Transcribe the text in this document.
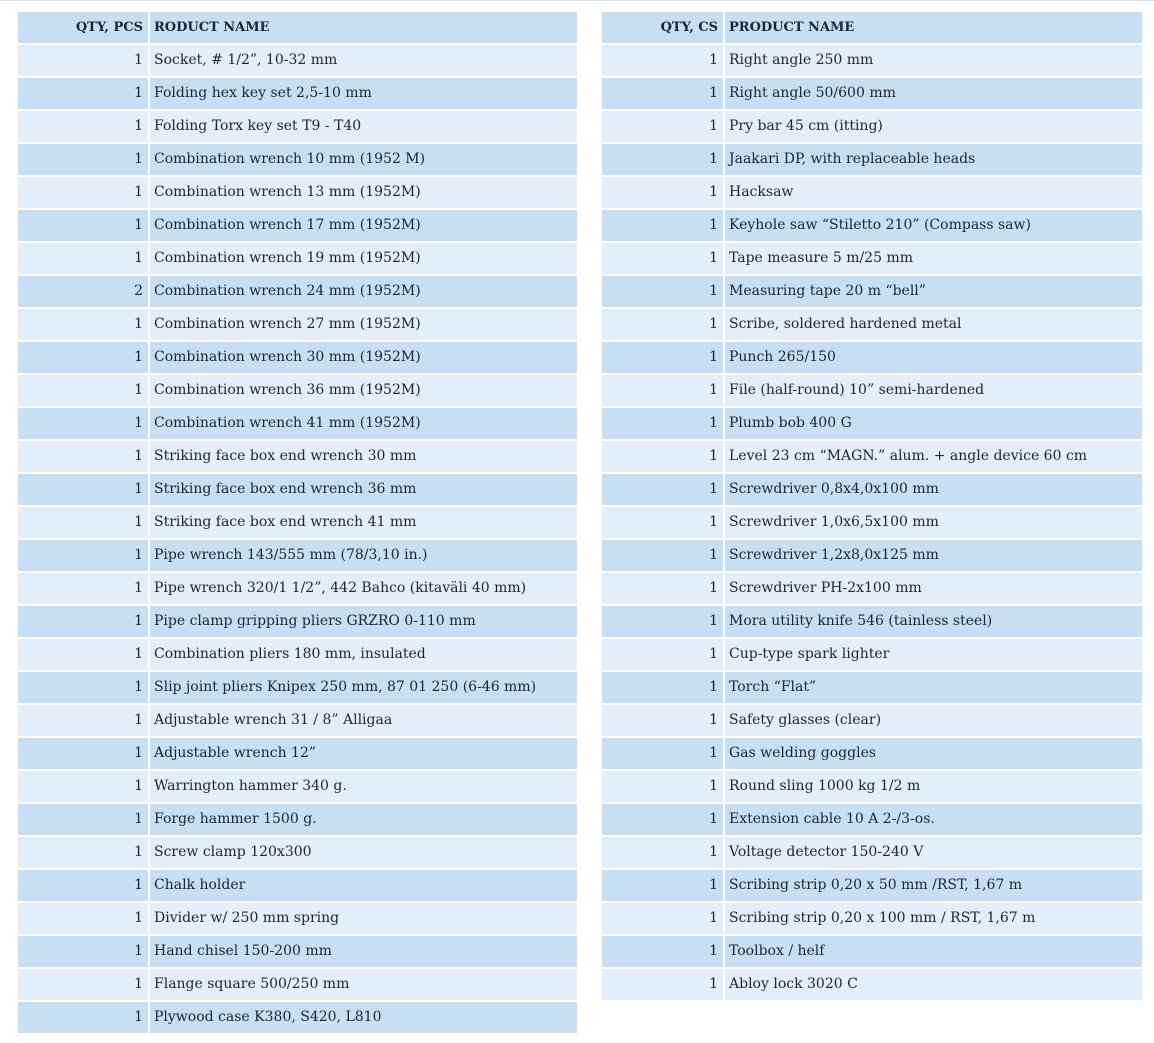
QTY, PCS	RODUCT NAME
1	Socket, # 1/2”, 10-32 mm
1	Folding hex key set 2,5-10 mm
1	Folding Torx key set T9 - T40
1	Combination wrench 10 mm (1952 M)
1	Combination wrench 13 mm (1952M)
1	Combination wrench 17 mm (1952M)
1	Combination wrench 19 mm (1952M)
2	Combination wrench 24 mm (1952M)
1	Combination wrench 27 mm (1952M)
1	Combination wrench 30 mm (1952M)
1	Combination wrench 36 mm (1952M)
1	Combination wrench 41 mm (1952M)
1	Striking face box end wrench 30 mm
1	Striking face box end wrench 36 mm
1	Striking face box end wrench 41 mm
1	Pipe wrench 143/555 mm (78/3,10 in.)
1	Pipe wrench 320/1 1/2”, 442 Bahco (kitaväli 40 mm)
1	Pipe clamp gripping pliers GRZRO 0-110 mm
1	Combination pliers 180 mm, insulated
1	Slip joint pliers Knipex 250 mm, 87 01 250 (6-46 mm)
1	Adjustable wrench 31 / 8” Alligaa
1	Adjustable wrench 12”
1	Warrington hammer 340 g.
1	Forge hammer 1500 g.
1	Screw clamp 120x300
1	Chalk holder
1	Divider w/ 250 mm spring
1	Hand chisel 150-200 mm
1	Flange square 500/250 mm
1	Plywood case K380, S420, L810
QTY, CS	PRODUCT NAME
1	Right angle 250 mm
1	Right angle 50/600 mm
1	Pry bar 45 cm (itting)
1	Jaakari DP, with replaceable heads
1	Hacksaw
1	Keyhole saw “Stiletto 210” (Compass saw)
1	Tape measure 5 m/25 mm
1	Measuring tape 20 m “bell”
1	Scribe, soldered hardened metal
1	Punch 265/150
1	File (half-round) 10” semi-hardened
1	Plumb bob 400 G
1	Level 23 cm “MAGN.” alum. + angle device 60 cm
1	Screwdriver 0,8x4,0x100 mm
1	Screwdriver 1,0x6,5x100 mm
1	Screwdriver 1,2x8,0x125 mm
1	Screwdriver PH-2x100 mm
1	Mora utility knife 546 (tainless steel)
1	Cup-type spark lighter
1	Torch “Flat”
1	Safety glasses (clear)
1	Gas welding goggles
1	Round sling 1000 kg 1/2 m
1	Extension cable 10 A 2-/3-os.
1	Voltage detector 150-240 V
1	Scribing strip 0,20 x 50 mm /RST, 1,67 m
1	Scribing strip 0,20 x 100 mm / RST, 1,67 m
1	Toolbox / helf
1	Abloy lock 3020 C
